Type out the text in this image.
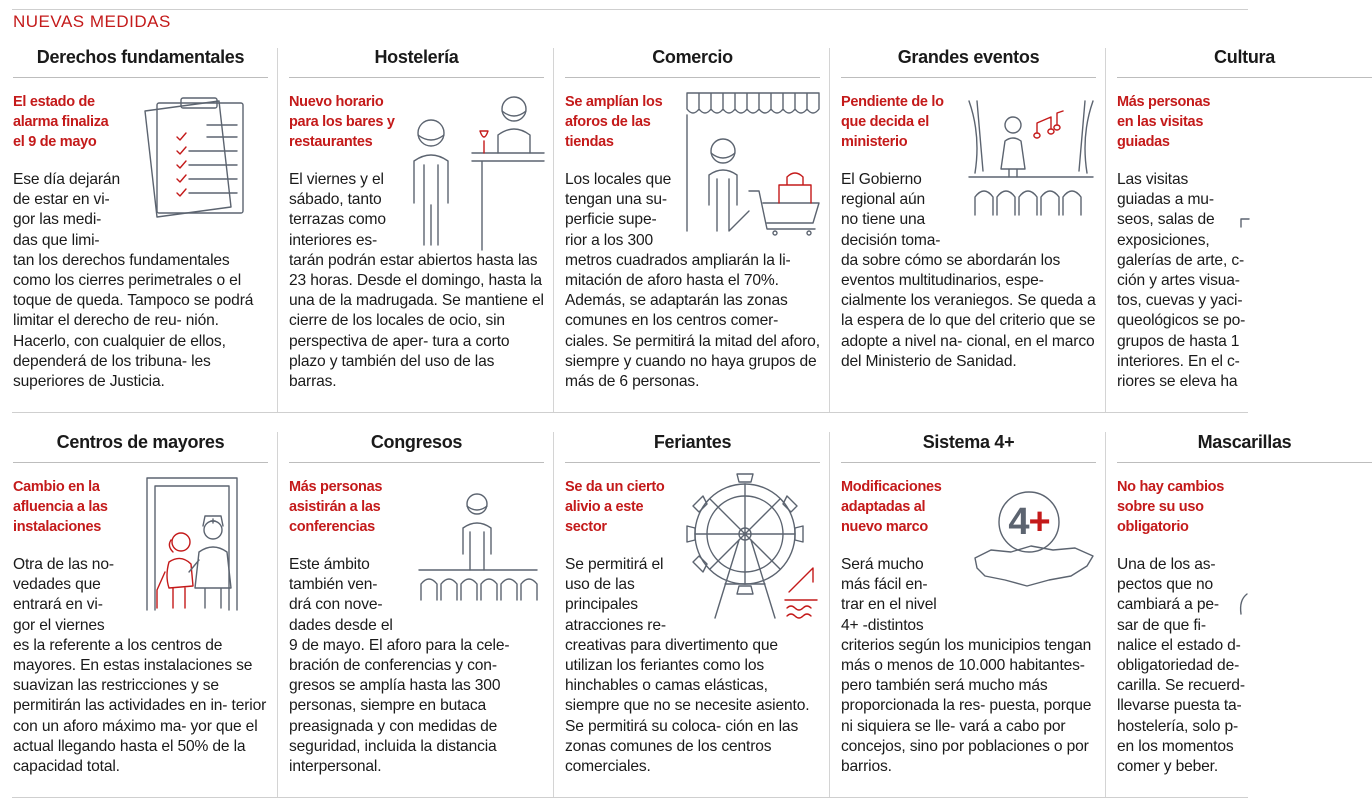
NUEVAS MEDIDAS
Derechos fundamentales
El estado de
alarma finaliza
el 9 de mayo
Ese día dejarán
de estar en vi-
gor las medi-
das que limi-
tan los derechos fundamentales como los cierres perimetrales o el toque de queda. Tampoco se podrá limitar el derecho de reu- nión. Hacerlo, con cualquier de ellos, dependerá de los tribuna- les superiores de Justicia.
Hostelería
Nuevo horario
para los bares y
restaurantes
El viernes y el
sábado, tanto
terrazas como
interiores es-
tarán podrán estar abiertos hasta las 23 horas. Desde el domingo, hasta la una de la madrugada. Se mantiene el cierre de los locales de ocio, sin perspectiva de aper- tura a corto plazo y también del uso de las barras.
Comercio
Se amplían los
aforos de las
tiendas
Los locales que
tengan una su-
perficie supe-
rior a los 300
metros cuadrados ampliarán la li- mitación de aforo hasta el 70%. Además, se adaptarán las zonas comunes en los centros comer- ciales. Se permitirá la mitad del aforo, siempre y cuando no haya grupos de más de 6 personas.
Grandes eventos
Pendiente de lo
que decida el
ministerio
El Gobierno
regional aún
no tiene una
decisión toma-
da sobre cómo se abordarán los eventos multitudinarios, espe- cialmente los veraniegos. Se queda a la espera de lo que del criterio que se adopte a nivel na- cional, en el marco del Ministerio de Sanidad.
Cultura
Más personas
en las visitas
guiadas
Las visitas
guiadas a mu-
seos, salas de
exposiciones,
galerías de arte, c- ción y artes visua- tos, cuevas y yaci- queológicos se po- grupos de hasta 1 interiores. En el c- riores se eleva ha
Centros de mayores
Cambio en la
afluencia a las
instalaciones
Otra de las no-
vedades que
entrará en vi-
gor el viernes
es la referente a los centros de mayores. En estas instalaciones se suavizan las restricciones y se permitirán las actividades en in- terior con un aforo máximo ma- yor que el actual llegando hasta el 50% de la capacidad total.
Congresos
Más personas
asistirán a las
conferencias
Este ámbito
también ven-
drá con nove-
dades desde el
9 de mayo. El aforo para la cele- bración de conferencias y con- gresos se amplía hasta las 300 personas, siempre en butaca preasignada y con medidas de seguridad, incluida la distancia interpersonal.
Feriantes
Se da un cierto
alivio a este
sector
Se permitirá el
uso de las
principales
atracciones re-
creativas para divertimento que utilizan los feriantes como los hinchables o camas elásticas, siempre que no se necesite asiento. Se permitirá su coloca- ción en las zonas comunes de los centros comerciales.
Sistema 4+
Modificaciones
adaptadas al
nuevo marco	4+
Será mucho
más fácil en-
trar en el nivel
4+ -distintos
criterios según los municipios tengan más o menos de 10.000 habitantes- pero también será mucho más proporcionada la res- puesta, porque ni siquiera se lle- vará a cabo por concejos, sino por poblaciones o por barrios.
Mascarillas
No hay cambios
sobre su uso
obligatorio
Una de los as-
pectos que no
cambiará a pe-
sar de que fi-
nalice el estado d- obligatoriedad de- carilla. Se recuerd- llevarse puesta ta- hostelería, solo p- en los momentos comer y beber.
